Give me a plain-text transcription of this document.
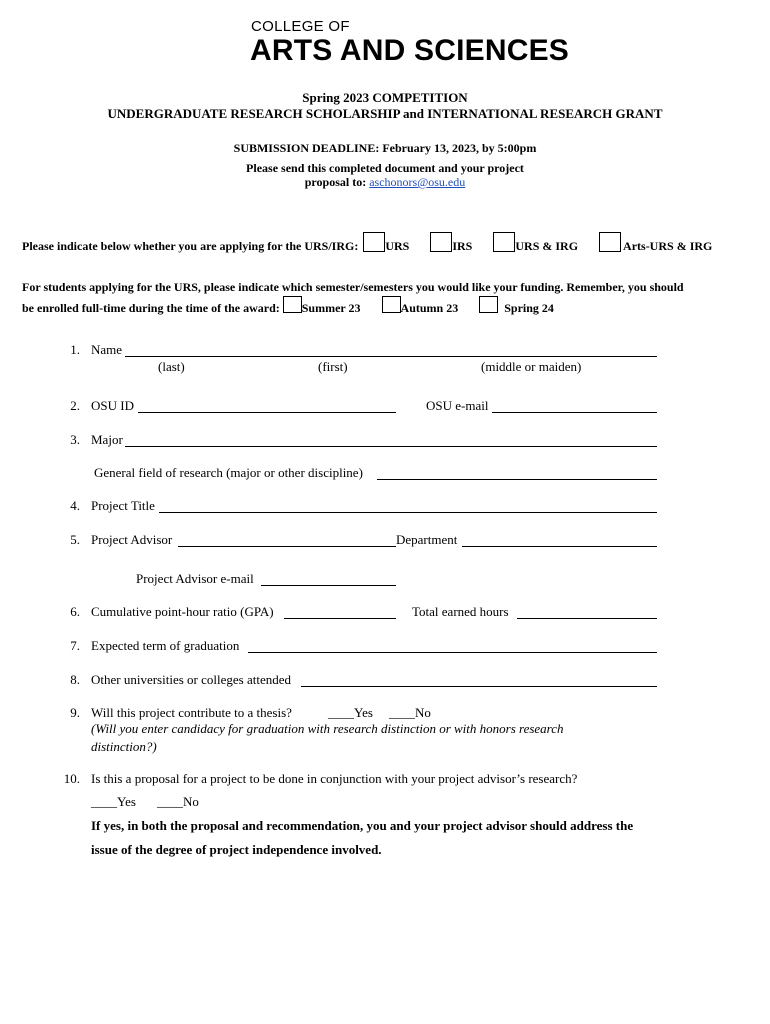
COLLEGE OF
ARTS AND SCIENCES
Spring 2023 COMPETITION
UNDERGRADUATE RESEARCH SCHOLARSHIP and INTERNATIONAL RESEARCH GRANT
SUBMISSION DEADLINE: February 13, 2023, by 5:00pm
Please send this completed document and your project
proposal to: aschonors@osu.edu
Please indicate below whether you are applying for the URS/IRG: URS	IRS	URS & IRG	Arts-URS & IRG
For students applying for the URS, please indicate which semester/semesters you would like your funding. Remember, you should
be enrolled full-time during the time of the award: Summer 23	Autumn 23	Spring 24
1. Name
(last)	(first)	(middle or maiden)
2. OSU ID	OSU e-mail
3. Major
General field of research (major or other discipline)
4. Project Title
5. Project Advisor	Department
Project Advisor e-mail
6. Cumulative point-hour ratio (GPA)	Total earned hours
7. Expected term of graduation
8. Other universities or colleges attended
9. Will this project contribute to a thesis?	____Yes ____No
(Will you enter candidacy for graduation with research distinction or with honors research
distinction?)
10. Is this a proposal for a project to be done in conjunction with your project advisor’s research?
____Yes ____No
If yes, in both the proposal and recommendation, you and your project advisor should address the
issue of the degree of project independence involved.
